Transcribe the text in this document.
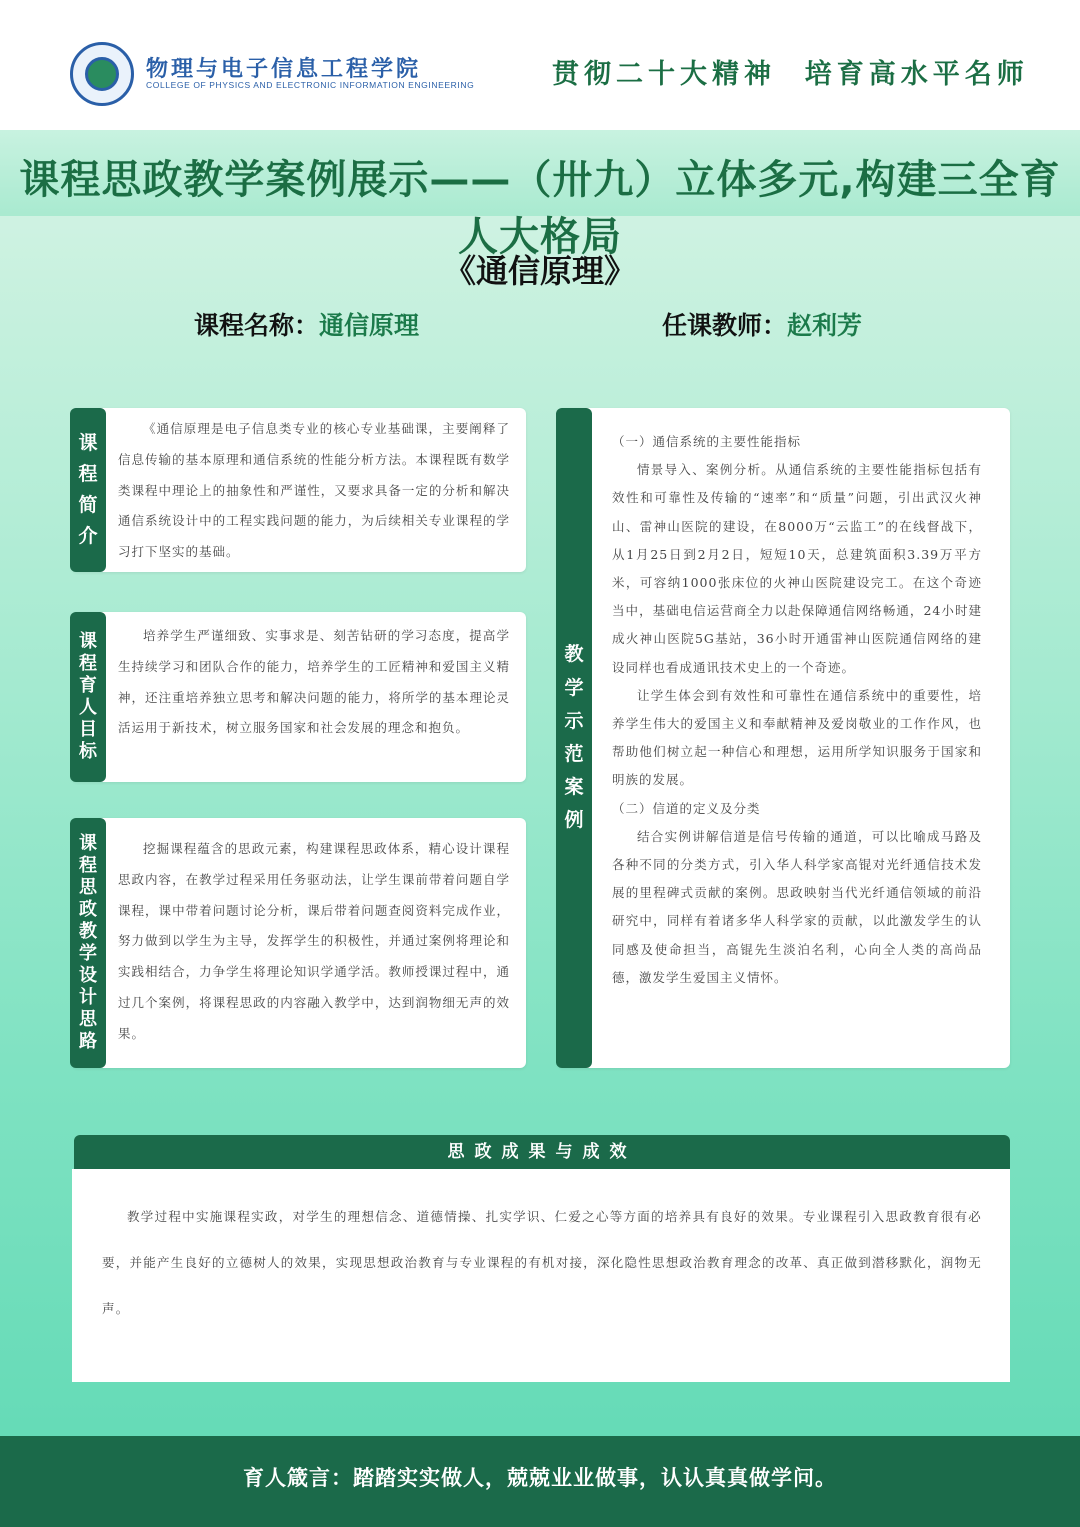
物理与电子信息工程学院
COLLEGE OF PHYSICS AND ELECTRONIC INFORMATION ENGINEERING	贯彻二十大精神  培育高水平名师
课程思政教学案例展示——（卅九）立体多元,构建三全育人大格局
《通信原理》
课程名称：通信原理	任课教师：赵利芳
课
程
简
介
《通信原理是电子信息类专业的核心专业基础课，主要阐释了信息传输的基本原理和通信系统的性能分析方法。本课程既有数学类课程中理论上的抽象性和严谨性，又要求具备一定的分析和解决通信系统设计中的工程实践问题的能力，为后续相关专业课程的学习打下坚实的基础。
课
程
育
人
目
标
培养学生严谨细致、实事求是、刻苦钻研的学习态度，提高学生持续学习和团队合作的能力，培养学生的工匠精神和爱国主义精神，还注重培养独立思考和解决问题的能力，将所学的基本理论灵活运用于新技术，树立服务国家和社会发展的理念和抱负。
课
程
思
政
教
学
设
计
思
路
挖掘课程蕴含的思政元素，构建课程思政体系，精心设计课程思政内容，在教学过程采用任务驱动法，让学生课前带着问题自学课程，课中带着问题讨论分析，课后带着问题查阅资料完成作业，努力做到以学生为主导，发挥学生的积极性，并通过案例将理论和实践相结合，力争学生将理论知识学通学活。教师授课过程中，通过几个案例，将课程思政的内容融入教学中，达到润物细无声的效果。
教
学
示
范
案
例
（一）通信系统的主要性能指标
情景导入、案例分析。从通信系统的主要性能指标包括有效性和可靠性及传输的“速率”和“质量”问题，引出武汉火神山、雷神山医院的建设，在8000万“云监工”的在线督战下，从1月25日到2月2日，短短10天，总建筑面积3.39万平方米，可容纳1000张床位的火神山医院建设完工。在这个奇迹当中，基础电信运营商全力以赴保障通信网络畅通，24小时建成火神山医院5G基站，36小时开通雷神山医院通信网络的建设同样也看成通讯技术史上的一个奇迹。
让学生体会到有效性和可靠性在通信系统中的重要性，培养学生伟大的爱国主义和奉献精神及爱岗敬业的工作作风，也帮助他们树立起一种信心和理想，运用所学知识服务于国家和明族的发展。
（二）信道的定义及分类
结合实例讲解信道是信号传输的通道，可以比喻成马路及各种不同的分类方式，引入华人科学家高锟对光纤通信技术发展的里程碑式贡献的案例。思政映射当代光纤通信领域的前沿研究中，同样有着诸多华人科学家的贡献，以此激发学生的认同感及使命担当，高锟先生淡泊名利，心向全人类的高尚品德，激发学生爱国主义情怀。
思政成果与成效
教学过程中实施课程实政，对学生的理想信念、道德情操、扎实学识、仁爱之心等方面的培养具有良好的效果。专业课程引入思政教育很有必要，并能产生良好的立德树人的效果，实现思想政治教育与专业课程的有机对接，深化隐性思想政治教育理念的改革、真正做到潜移默化，润物无声。
育人箴言：踏踏实实做人，兢兢业业做事，认认真真做学问。
